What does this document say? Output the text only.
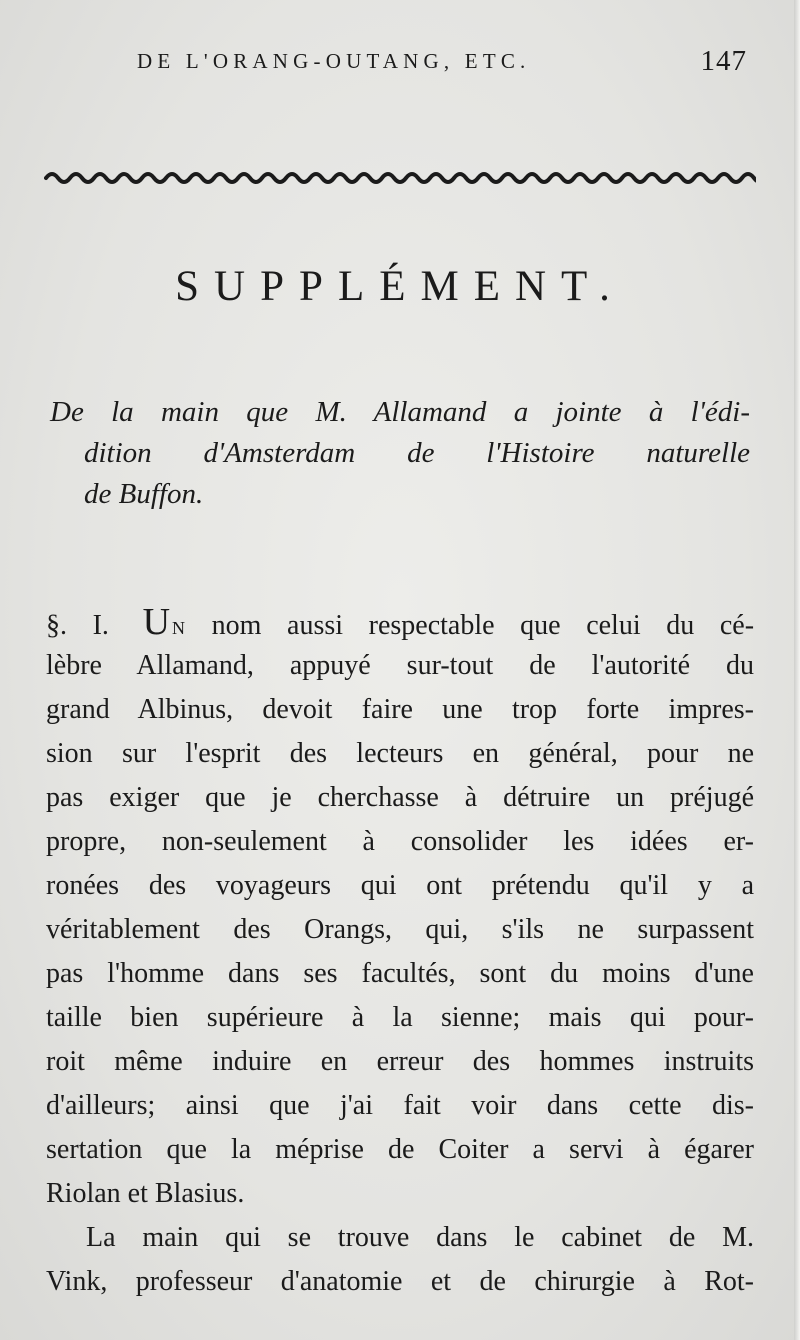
DE L'ORANG-OUTANG, ETC.	147
SUPPLÉMENT.
De la main que M. Allamand a jointe à l'édi-
dition d'Amsterdam de l'Histoire naturelle
de Buffon.
§. I. U N nom aussi respectable que celui du cé-
lèbre Allamand, appuyé sur-tout de l'autorité du
grand Albinus, devoit faire une trop forte impres-
sion sur l'esprit des lecteurs en général, pour ne
pas exiger que je cherchasse à détruire un préjugé
propre, non-seulement à consolider les idées er-
ronées des voyageurs qui ont prétendu qu'il y a
véritablement des Orangs, qui, s'ils ne surpassent
pas l'homme dans ses facultés, sont du moins d'une
taille bien supérieure à la sienne; mais qui pour-
roit même induire en erreur des hommes instruits
d'ailleurs; ainsi que j'ai fait voir dans cette dis-
sertation que la méprise de Coiter a servi à égarer
Riolan et Blasius.
La main qui se trouve dans le cabinet de M.
Vink, professeur d'anatomie et de chirurgie à Rot-
